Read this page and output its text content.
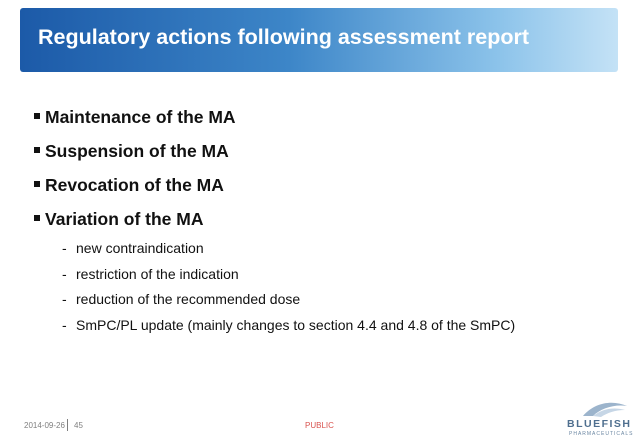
Regulatory actions following assessment report
Maintenance of the MA
Suspension of the MA
Revocation of the MA
Variation of the MA
- new contraindication
- restriction of the indication
- reduction of the recommended dose
- SmPC/PL update (mainly changes to section 4.4 and 4.8 of the SmPC)
2014-09-26 45	PUBLIC	BLUEFISH
PHARMACEUTICALS
